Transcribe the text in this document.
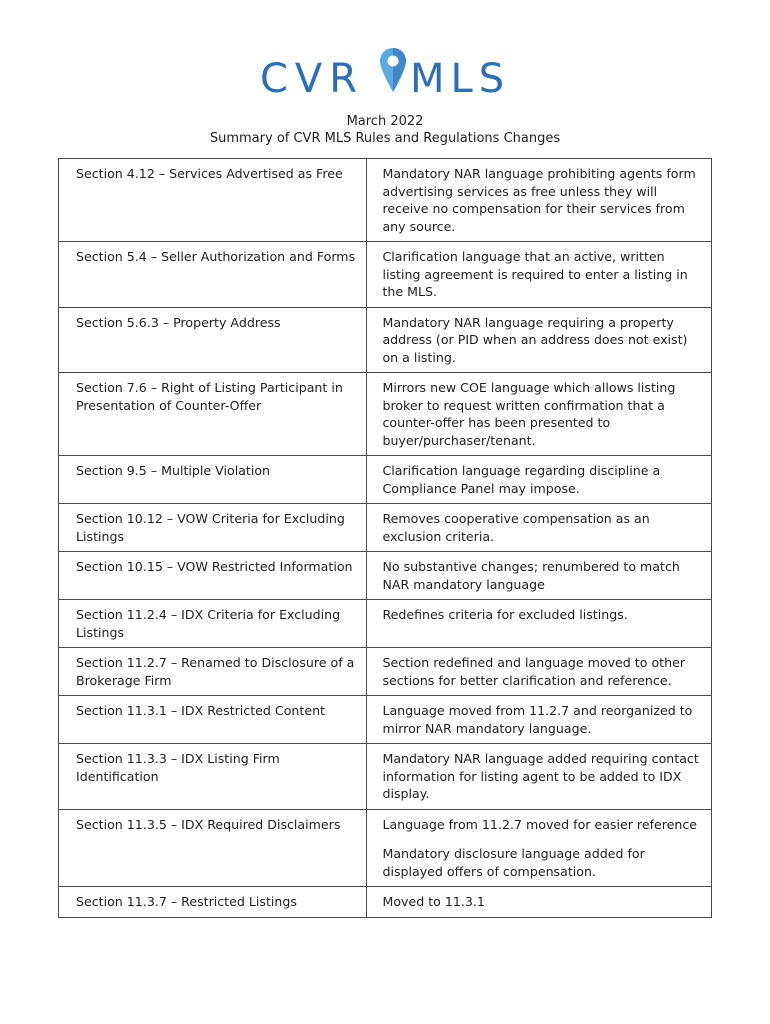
CVR MLS
March 2022
Summary of CVR MLS Rules and Regulations Changes
Section 4.12 – Services Advertised as Free	Mandatory NAR language prohibiting agents form advertising services as free unless they will receive no compensation for their services from any source.
Section 5.4 – Seller Authorization and Forms	Clarification language that an active, written listing agreement is required to enter a listing in the MLS.
Section 5.6.3 – Property Address	Mandatory NAR language requiring a property address (or PID when an address does not exist) on a listing.
Section 7.6 – Right of Listing Participant in Presentation of Counter-Offer	Mirrors new COE language which allows listing broker to request written confirmation that a counter-offer has been presented to buyer/purchaser/tenant.
Section 9.5 – Multiple Violation	Clarification language regarding discipline a Compliance Panel may impose.
Section 10.12 – VOW Criteria for Excluding Listings	Removes cooperative compensation as an exclusion criteria.
Section 10.15 – VOW Restricted Information	No substantive changes; renumbered to match NAR mandatory language
Section 11.2.4 – IDX Criteria for Excluding Listings	Redefines criteria for excluded listings.
Section 11.2.7 – Renamed to Disclosure of a Brokerage Firm	Section redefined and language moved to other sections for better clarification and reference.
Section 11.3.1 – IDX Restricted Content	Language moved from 11.2.7 and reorganized to mirror NAR mandatory language.
Section 11.3.3 – IDX Listing Firm Identification	Mandatory NAR language added requiring contact information for listing agent to be added to IDX display.
Section 11.3.5 – IDX Required Disclaimers	Language from 11.2.7 moved for easier reference
	Mandatory disclosure language added for displayed offers of compensation.
Section 11.3.7 – Restricted Listings	Moved to 11.3.1
